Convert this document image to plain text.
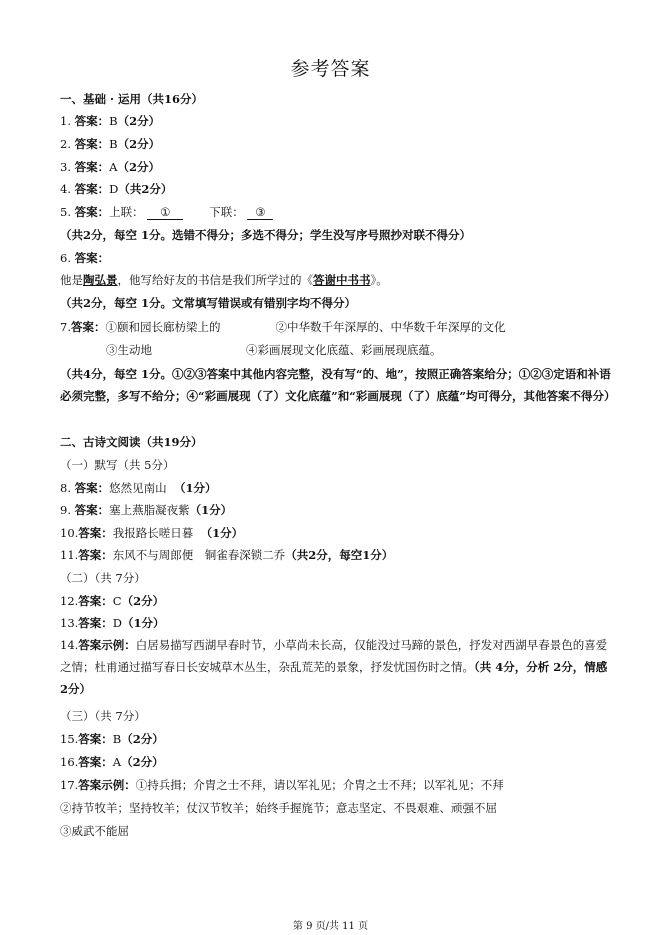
参考答案
一、基础 · 运用（共16分）
1. 答案：B（2分）
2. 答案：B（2分）
3. 答案：A（2分）
4. 答案：D（共2分）
5. 答案：上联： ①	下联： ③
（共2分，每空 1分。选错不得分；多选不得分；学生没写序号照抄对联不得分）
6. 答案：
他是陶弘景，他写给好友的书信是我们所学过的《答谢中书书》。
（共2分，每空 1分。文常填写错误或有错别字均不得分）
7.答案：①颐和园长廊枋梁上的	②中华数千年深厚的、中华数千年深厚的文化
③生动地	④彩画展现文化底蕴、彩画展现底蕴。
（共4分，每空 1分。①②③答案中其他内容完整，没有写“的、地”，按照正确答案给分；①②③定语和补语必须完整，多写不给分；④“彩画展现（了）文化底蕴”和“彩画展现（了）底蕴”均可得分，其他答案不得分）
二、古诗文阅读（共19分）
（一）默写（共 5分）
8. 答案：悠然见南山 （1分）
9. 答案：塞上燕脂凝夜紫（1分）
10.答案：我报路长嗟日暮 （1分）
11.答案：东风不与周郎便　铜雀春深锁二乔（共2分，每空1分）
（二）（共 7分）
12.答案：C（2分）
13.答案：D（1分）
14.答案示例：白居易描写西湖早春时节，小草尚未长高，仅能没过马蹄的景色，抒发对西湖早春景色的喜爱之情；杜甫通过描写春日长安城草木丛生，杂乱荒芜的景象，抒发忧国伤时之情。（共 4分，分析 2分，情感 2分）
（三）（共 7分）
15.答案：B（2分）
16.答案：A（2分）
17.答案示例：①持兵揖；介胄之士不拜，请以军礼见；介胄之士不拜；以军礼见；不拜
②持节牧羊；坚持牧羊；仗汉节牧羊；始终手握旄节；意志坚定、不畏艰难、顽强不屈
③威武不能屈
第 9 页/共 11 页
